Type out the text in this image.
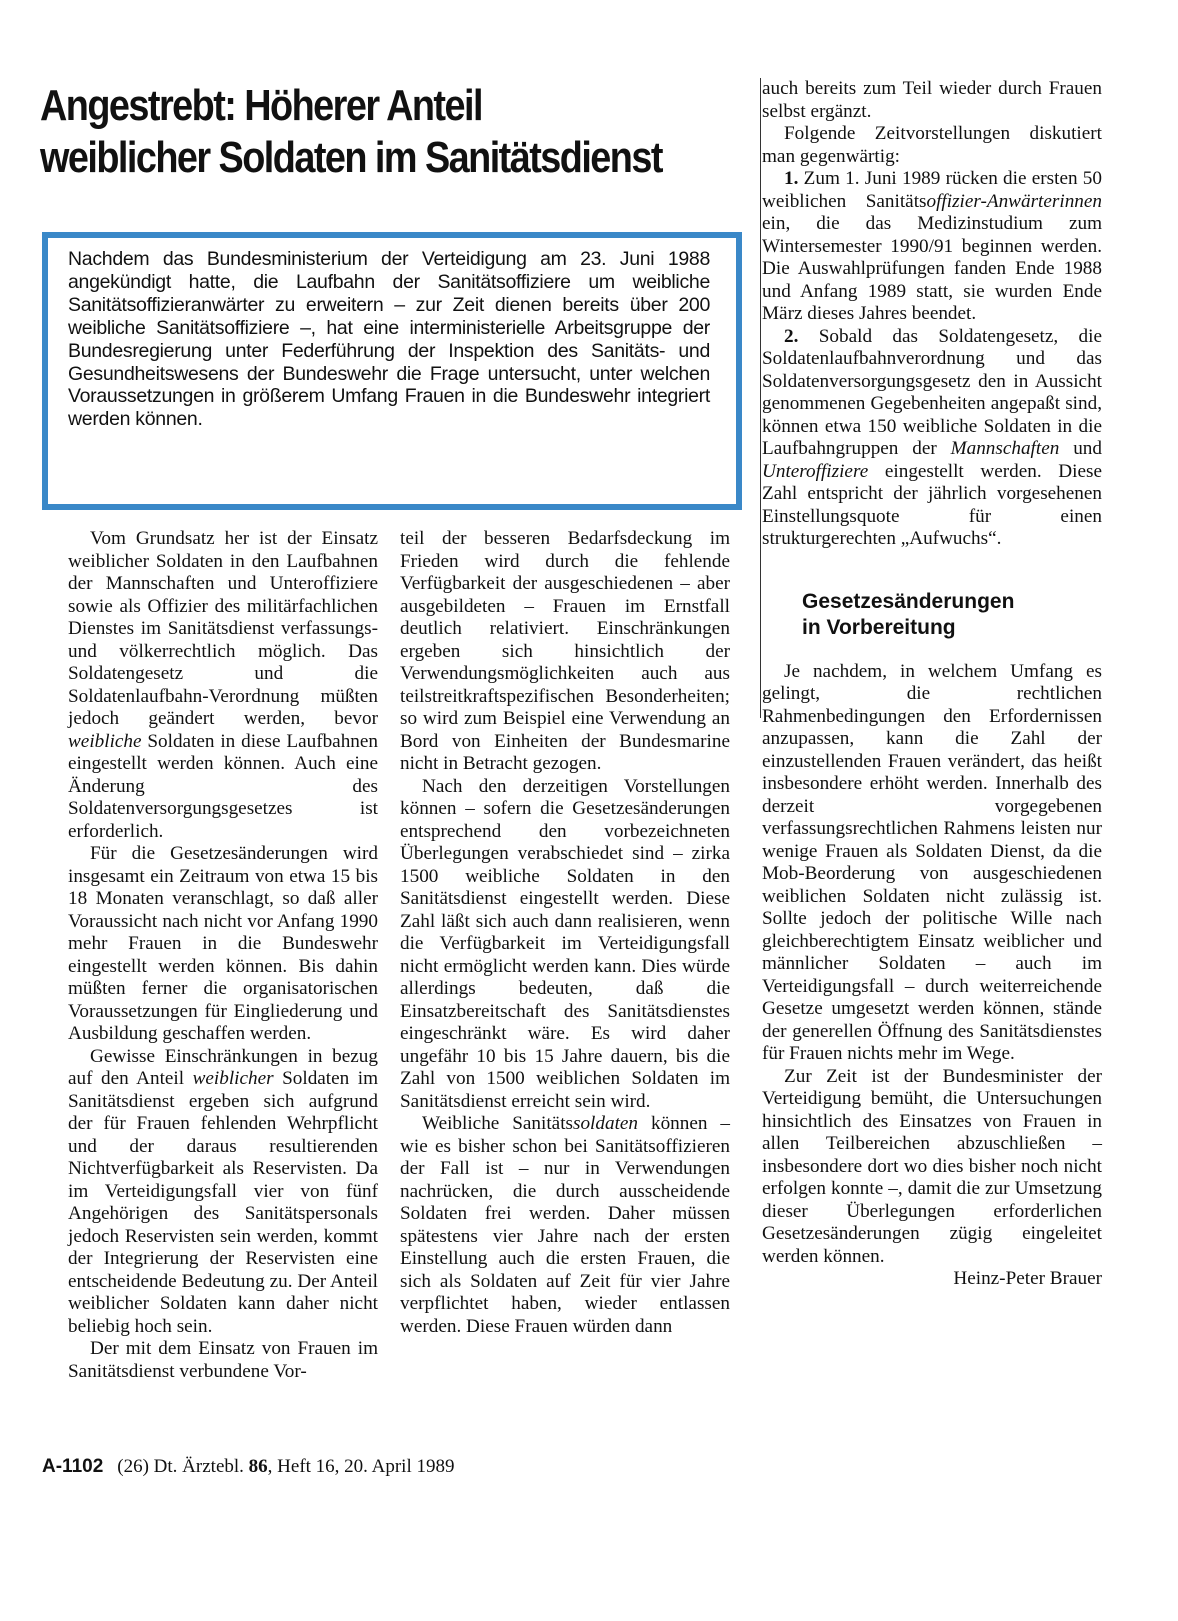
Angestrebt: Höherer Anteil
weiblicher Soldaten im Sanitätsdienst

Nachdem das Bundesministerium der Verteidigung am 23. Juni 1988 angekündigt hatte, die Laufbahn der Sanitätsoffiziere um weibliche Sanitätsoffizieranwärter zu erweitern – zur Zeit dienen bereits über 200 weibliche Sanitätsoffiziere –, hat eine interministerielle Arbeitsgruppe der Bundesregierung unter Federführung der Inspektion des Sanitäts- und Gesundheitswesens der Bundeswehr die Frage untersucht, unter welchen Voraussetzungen in größerem Umfang Frauen in die Bundeswehr integriert werden können.

Vom Grundsatz her ist der Einsatz weiblicher Soldaten in den Laufbahnen der Mannschaften und Unteroffiziere sowie als Offizier des militärfachlichen Dienstes im Sanitätsdienst verfassungs- und völkerrechtlich möglich. Das Soldatengesetz und die Soldatenlaufbahn-Verordnung müßten jedoch geändert werden, bevor weibliche Soldaten in diese Laufbahnen eingestellt werden können. Auch eine Änderung des Soldatenversorgungsgesetzes ist erforderlich.

Für die Gesetzesänderungen wird insgesamt ein Zeitraum von etwa 15 bis 18 Monaten veranschlagt, so daß aller Voraussicht nach nicht vor Anfang 1990 mehr Frauen in die Bundeswehr eingestellt werden können. Bis dahin müßten ferner die organisatorischen Voraussetzungen für Eingliederung und Ausbildung geschaffen werden.

Gewisse Einschränkungen in bezug auf den Anteil weiblicher Soldaten im Sanitätsdienst ergeben sich aufgrund der für Frauen fehlenden Wehrpflicht und der daraus resultierenden Nichtverfügbarkeit als Reservisten. Da im Verteidigungsfall vier von fünf Angehörigen des Sanitätspersonals jedoch Reservisten sein werden, kommt der Integrierung der Reservisten eine entscheidende Bedeutung zu. Der Anteil weiblicher Soldaten kann daher nicht beliebig hoch sein.

Der mit dem Einsatz von Frauen im Sanitätsdienst verbundene Vor-

teil der besseren Bedarfsdeckung im Frieden wird durch die fehlende Verfügbarkeit der ausgeschiedenen – aber ausgebildeten – Frauen im Ernstfall deutlich relativiert. Einschränkungen ergeben sich hinsichtlich der Verwendungsmöglichkeiten auch aus teilstreitkraftspezifischen Besonderheiten; so wird zum Beispiel eine Verwendung an Bord von Einheiten der Bundesmarine nicht in Betracht gezogen.

Nach den derzeitigen Vorstellungen können – sofern die Gesetzesänderungen entsprechend den vorbezeichneten Überlegungen verabschiedet sind – zirka 1500 weibliche Soldaten in den Sanitätsdienst eingestellt werden. Diese Zahl läßt sich auch dann realisieren, wenn die Verfügbarkeit im Verteidigungsfall nicht ermöglicht werden kann. Dies würde allerdings bedeuten, daß die Einsatzbereitschaft des Sanitätsdienstes eingeschränkt wäre. Es wird daher ungefähr 10 bis 15 Jahre dauern, bis die Zahl von 1500 weiblichen Soldaten im Sanitätsdienst erreicht sein wird.

Weibliche Sanitätssoldaten können – wie es bisher schon bei Sanitätsoffizieren der Fall ist – nur in Verwendungen nachrücken, die durch ausscheidende Soldaten frei werden. Daher müssen spätestens vier Jahre nach der ersten Einstellung auch die ersten Frauen, die sich als Soldaten auf Zeit für vier Jahre verpflichtet haben, wieder entlassen werden. Diese Frauen würden dann

auch bereits zum Teil wieder durch Frauen selbst ergänzt.

Folgende Zeitvorstellungen diskutiert man gegenwärtig:

1. Zum 1. Juni 1989 rücken die ersten 50 weiblichen Sanitätsoffizier-Anwärterinnen ein, die das Medizinstudium zum Wintersemester 1990/91 beginnen werden. Die Auswahlprüfungen fanden Ende 1988 und Anfang 1989 statt, sie wurden Ende März dieses Jahres beendet.

2. Sobald das Soldatengesetz, die Soldatenlaufbahnverordnung und das Soldatenversorgungsgesetz den in Aussicht genommenen Gegebenheiten angepaßt sind, können etwa 150 weibliche Soldaten in die Laufbahngruppen der Mannschaften und Unteroffiziere eingestellt werden. Diese Zahl entspricht der jährlich vorgesehenen Einstellungsquote für einen strukturgerechten „Aufwuchs“.

Gesetzesänderungen
in Vorbereitung

Je nachdem, in welchem Umfang es gelingt, die rechtlichen Rahmenbedingungen den Erfordernissen anzupassen, kann die Zahl der einzustellenden Frauen verändert, das heißt insbesondere erhöht werden. Innerhalb des derzeit vorgegebenen verfassungsrechtlichen Rahmens leisten nur wenige Frauen als Soldaten Dienst, da die Mob-Beorderung von ausgeschiedenen weiblichen Soldaten nicht zulässig ist. Sollte jedoch der politische Wille nach gleichberechtigtem Einsatz weiblicher und männlicher Soldaten – auch im Verteidigungsfall – durch weiterreichende Gesetze umgesetzt werden können, stände der generellen Öffnung des Sanitätsdienstes für Frauen nichts mehr im Wege.

Zur Zeit ist der Bundesminister der Verteidigung bemüht, die Untersuchungen hinsichtlich des Einsatzes von Frauen in allen Teilbereichen abzuschließen – insbesondere dort wo dies bisher noch nicht erfolgen konnte –, damit die zur Umsetzung dieser Überlegungen erforderlichen Gesetzesänderungen zügig eingeleitet werden können.

Heinz-Peter Brauer

A-1102 (26) Dt. Ärztebl. 86, Heft 16, 20. April 1989
